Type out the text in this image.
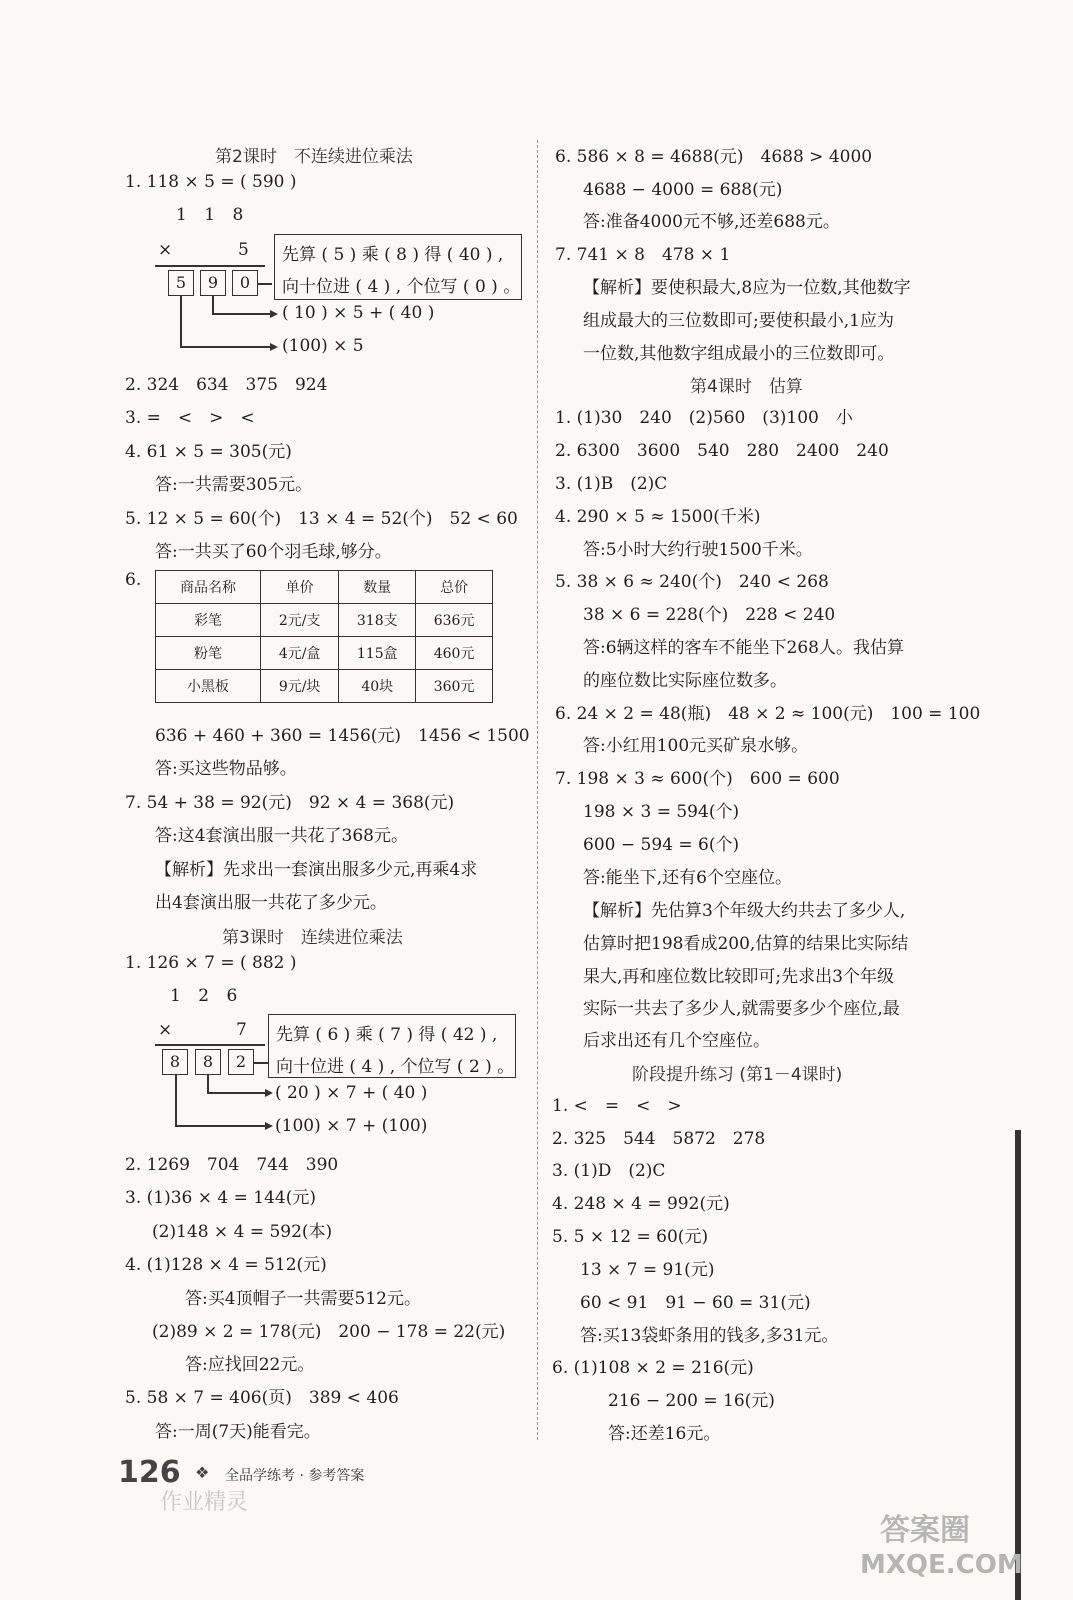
第2课时　不连续进位乘法
1. 118 × 5 = ( 590 )
1 1 8
×	5
5	9	0
先算 ( 5 ) 乘 ( 8 ) 得 ( 40 ) ,
向十位进 ( 4 ) , 个位写 ( 0 ) 。
( 10 ) × 5 + ( 40 )
(100) × 5
2. 324　634　375　924
3. =　<　>　<
4. 61 × 5 = 305(元)
答:一共需要305元。
5. 12 × 5 = 60(个)　13 × 4 = 52(个)　52 < 60
答:一共买了60个羽毛球,够分。
6.	商品名称	单价	数量	总价
彩笔	2元/支	318支	636元
粉笔	4元/盒	115盒	460元
小黑板	9元/块	40块	360元
636 + 460 + 360 = 1456(元)　1456 < 1500
答:买这些物品够。
7. 54 + 38 = 92(元)　92 × 4 = 368(元)
答:这4套演出服一共花了368元。
【解析】先求出一套演出服多少元,再乘4求
出4套演出服一共花了多少元。
第3课时　连续进位乘法
1. 126 × 7 = ( 882 )
1 2 6
×	7
8	8	2
先算 ( 6 ) 乘 ( 7 ) 得 ( 42 ) ,
向十位进 ( 4 ) , 个位写 ( 2 ) 。
( 20 ) × 7 + ( 40 )
(100) × 7 + (100)
2. 1269　704　744　390
3. (1)36 × 4 = 144(元)
(2)148 × 4 = 592(本)
4. (1)128 × 4 = 512(元)
答:买4顶帽子一共需要512元。
(2)89 × 2 = 178(元)　200 − 178 = 22(元)
答:应找回22元。
5. 58 × 7 = 406(页)　389 < 406
答:一周(7天)能看完。
6. 586 × 8 = 4688(元)　4688 > 4000
4688 − 4000 = 688(元)
答:准备4000元不够,还差688元。
7. 741 × 8　478 × 1
【解析】要使积最大,8应为一位数,其他数字
组成最大的三位数即可;要使积最小,1应为
一位数,其他数字组成最小的三位数即可。
第4课时　估算
1. (1)30　240　(2)560　(3)100　小
2. 6300　3600　540　280　2400　240
3. (1)B　(2)C
4. 290 × 5 ≈ 1500(千米)
答:5小时大约行驶1500千米。
5. 38 × 6 ≈ 240(个)　240 < 268
38 × 6 = 228(个)　228 < 240
答:6辆这样的客车不能坐下268人。我估算
的座位数比实际座位数多。
6. 24 × 2 = 48(瓶)　48 × 2 ≈ 100(元)　100 = 100
答:小红用100元买矿泉水够。
7. 198 × 3 ≈ 600(个)　600 = 600
198 × 3 = 594(个)
600 − 594 = 6(个)
答:能坐下,还有6个空座位。
【解析】先估算3个年级大约共去了多少人,
估算时把198看成200,估算的结果比实际结
果大,再和座位数比较即可;先求出3个年级
实际一共去了多少人,就需要多少个座位,最
后求出还有几个空座位。
阶段提升练习 (第1－4课时)
1. <　=　<　>
2. 325　544　5872　278
3. (1)D　(2)C
4. 248 × 4 = 992(元)
5. 5 × 12 = 60(元)
13 × 7 = 91(元)
60 < 91　91 − 60 = 31(元)
答:买13袋虾条用的钱多,多31元。
6. (1)108 × 2 = 216(元)
216 − 200 = 16(元)
答:还差16元。
126 ❖ 全品学练考 · 参考答案
作业精灵
答案圈
MXQE.COM
